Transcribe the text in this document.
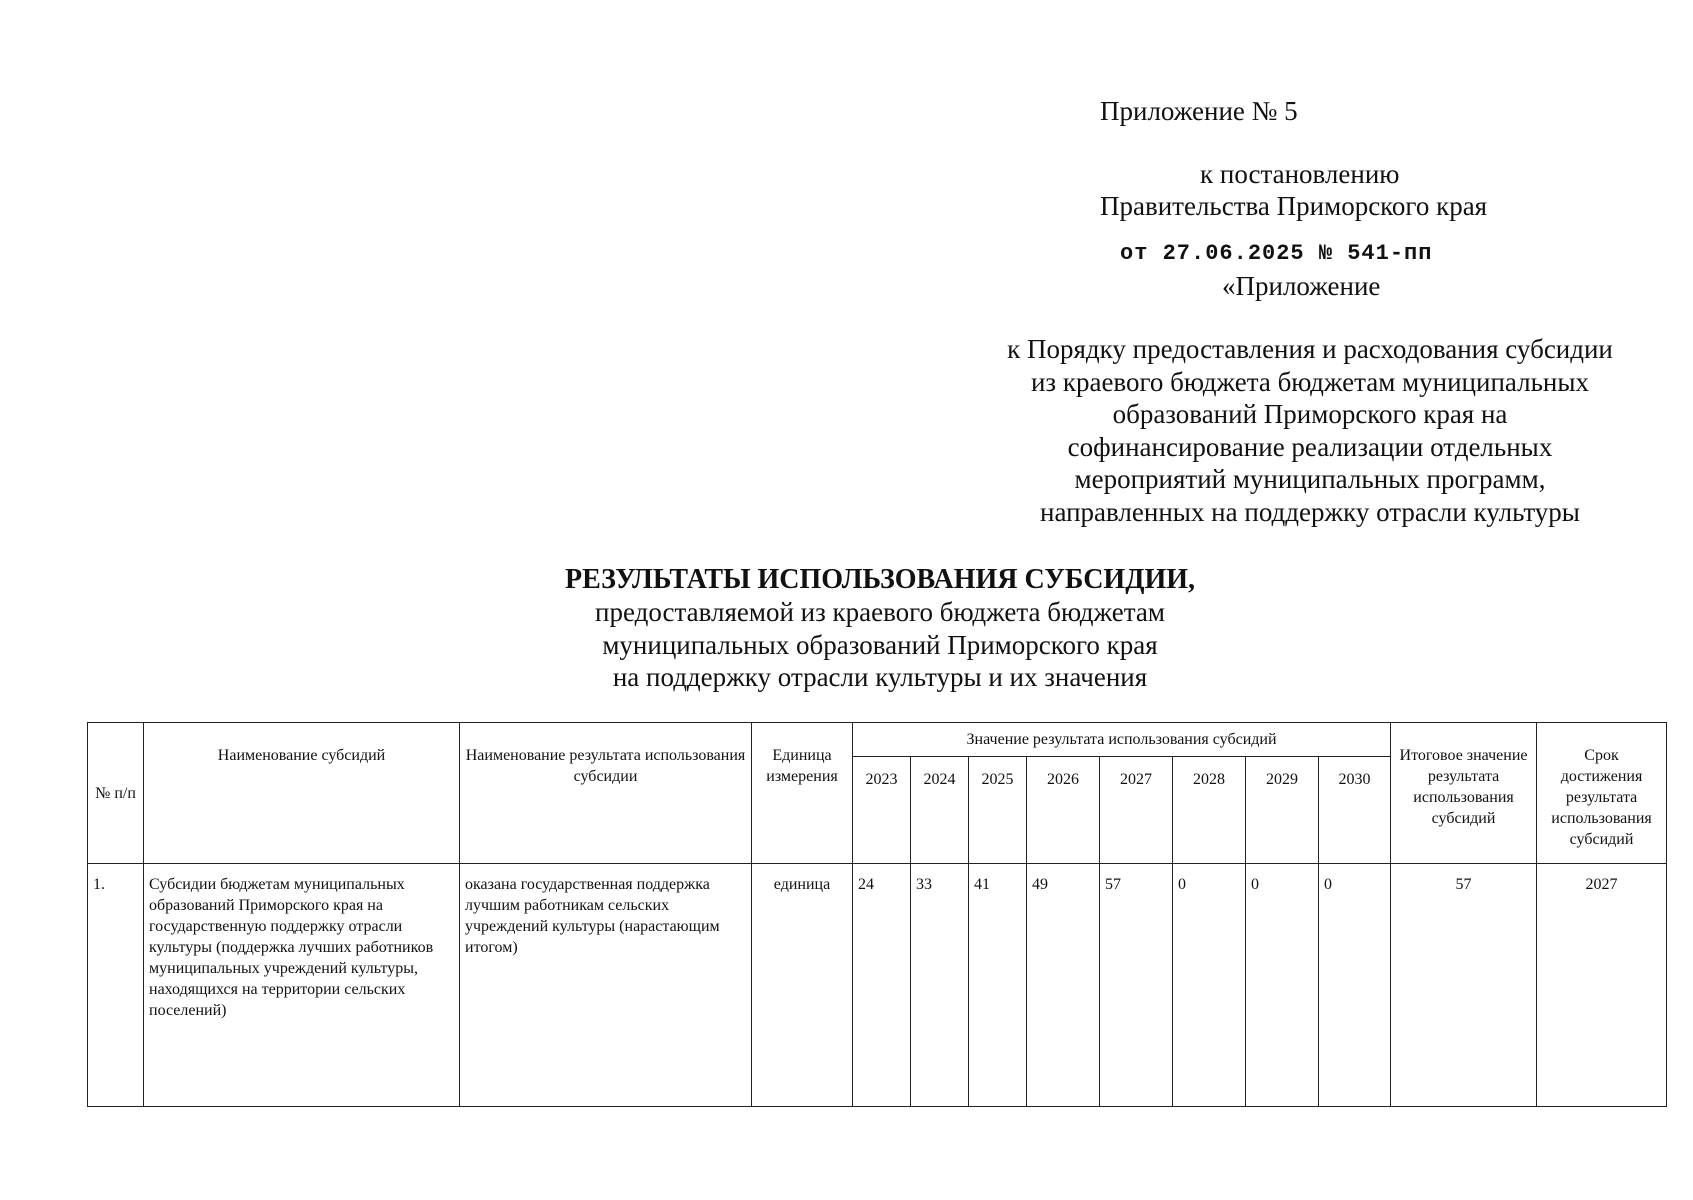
Приложение № 5
к постановлению
Правительства Приморского края
от 27.06.2025 № 541-пп
«Приложение
к Порядку предоставления и расходования субсидии
из краевого бюджета бюджетам муниципальных
образований Приморского края на
софинансирование реализации отдельных
мероприятий муниципальных программ,
направленных на поддержку отрасли культуры
РЕЗУЛЬТАТЫ ИСПОЛЬЗОВАНИЯ СУБСИДИИ,
предоставляемой из краевого бюджета бюджетам
муниципальных образований Приморского края
на поддержку отрасли культуры и их значения
№ п/п	Наименование субсидий	Наименование результата использования субсидии	Единица измерения	Значение результата использования субсидий								Итоговое значение результата использования субсидий	Срок достижения результата использования субсидий
				2023	2024	2025	2026	2027	2028	2029	2030		
1.	Субсидии бюджетам муниципальных образований Приморского края на государственную поддержку отрасли культуры (поддержка лучших работников муниципальных учреждений культуры, находящихся на территории сельских поселений)	оказана государственная поддержка лучшим работникам сельских учреждений культуры (нарастающим итогом)	единица	24	33	41	49	57	0	0	0	57	2027
